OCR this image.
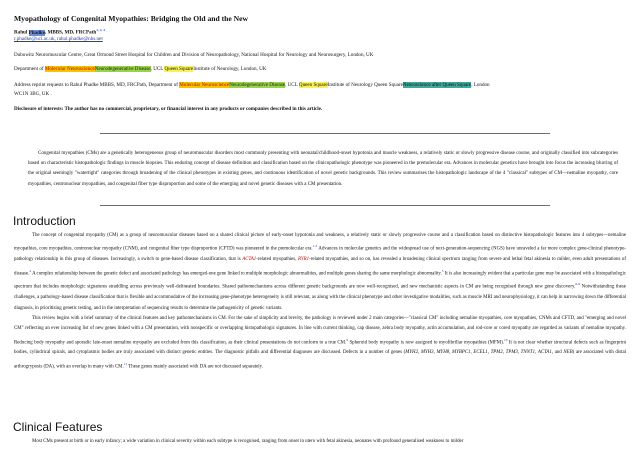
Myopathology of Congenital Myopathies: Bridging the Old and the New
Rahul Phadke, MBBS, MD, FRCPath$^{1, 2, 3}$
r.phadke@ucl.ac.uk, rahul.phadke@nhs.net
Dubowitz Neuromuscular Centre, Great Ormond Street Hospital for Children and Division of Neuropathology, National Hospital for Neurology and Neurosurgery, London, UK
Department of Molecular NeuroscienceNeurodegenerative Disease, UCL Queen SquareInstitute of Neurology, London, UK
Address reprint requests to Rahul Phadke MBBS, MD, FRCPath, Department of Molecular NeuroscienceNeurodegenerative Disease, UCL Queen SquareInstitute of Neurology Queen SquareNeuroscience after Queen Square, London
WC1N 3BG, UK .
Disclosure of interests: The author has no commercial, proprietary, or financial interest in any products or companies described in this article.

Congenital myopathies (CMs) are a genetically heterogeneous group of neuromuscular disorders most commonly presenting with neonatal/childhood-onset hypotonia and muscle weakness, a relatively static or slowly progressive disease course, and originally classified into subcategories based on characteristic histopathologic findings in muscle biopsies. This enduring concept of disease definition and classification based on the clinicopathologic phenotype was pioneered in the premolecular era. Advances in molecular genetics have brought into focus the increasing blurring of the original seemingly "watertight" categories through broadening of the clinical phenotypes in existing genes, and continuous identification of novel genetic backgrounds. This review summarises the histopathologic landscape of the 4 "classical" subtypes of CM—nemaline myopathy, core myopathies, centronuclear myopathies, and congenital fiber type disproportion and some of the emerging and novel genetic diseases with a CM presentation.

Introduction

The concept of congenital myopathy (CM) as a group of neuromuscular diseases based on a shared clinical picture of early-onset hypotonia and weakness, a relatively static or slowly progressive course and a classification based on distinctive histopathologic features into 4 subtypes—nemaline myopathies, core myopathies, centronuclear myopathy (CNM), and congenital fiber type disproportion (CFTD) was pioneered in the premolecular era.$^{1-3}$ Advances in molecular genetics and the widespread use of next-generation-sequencing (NGS) have unraveled a far more complex gene-clinical phenotype-pathology relationship in this group of diseases. Increasingly, a switch to gene-based disease classification, that is ACTA1-related myopathies, RYR1-related myopathies, and so on, has revealed a broadening clinical spectrum ranging from severe and lethal fetal akinesia to milder, even adult presentations of disease.$^4$ A complex relationship between the genetic defect and associated pathology has emerged-one gene linked to multiple morphologic abnormalities, and multiple genes sharing the same morphologic abnormality.$^5$ It is also increasingly evident that a particular gene may be associated with a histopathologic spectrum that includes morphologic signatures straddling across previously well-delineated boundaries. Shared pathomechanisms across different genetic backgrounds are now well-recognised, and new mechanistic aspects in CM are being recognised through new gene discovery.$^{6-8}$ Notwithstanding these challenges, a pathology-based disease classification that is flexible and accommodative of the increasing gene-phenotype heterogeneity is still relevant, as along with the clinical phenotype and other investigative modalities, such as muscle MRI and neurophysiology, it can help in narrowing down the differential diagnosis, in prioritising genetic testing, and in the interpretation of sequencing results to determine the pathogenicity of genetic variants.

This review begins with a brief summary of the clinical features and key pathomechanisms in CM. For the sake of simplicity and brevity, the pathology is reviewed under 2 main categories—"classical CM" including nemaline myopathies, core myopathies, CNMs and CFTD, and "emerging and novel CM" reflecting an ever increasing list of new genes linked with a CM presentation, with nonspecific or overlapping histopathologic signatures. In line with current thinking, cap disease, zebra body myopathy, actin accumulation, and rod-core or cored myopathy are regarded as variants of nemaline myopathy. Reducing body myopathy and sporadic late-onset nemaline myopathy are excluded from this classification, as their clinical presentations do not conform to a true CM.$^9$ Spheroid body myopathy is now assigned to myofibrillar myopathies (MFM).$^{10}$ It is not clear whether structural defects such as fingerprint bodies, cylindrical spirals, and cytoplasmic bodies are truly associated with distinct genetic entities. The diagnostic pitfalls and differential diagnoses are discussed. Defects in a number of genes (MYH2, MYH3, MYH8, MYBPC1, ECEL1, TPM2, TPM3, TNNT1, ACTA1, and NEB) are associated with distal arthrogryposis (DA), with an overlap in many with CM.$^{11}$ These genes mainly associated with DA are not discussed separately.

Clinical Features

Most CMs present at birth or in early infancy; a wide variation in clinical severity within each subtype is recognised, ranging from onset in utero with fetal akinesia, neonates with profound generalised weakness to milder
